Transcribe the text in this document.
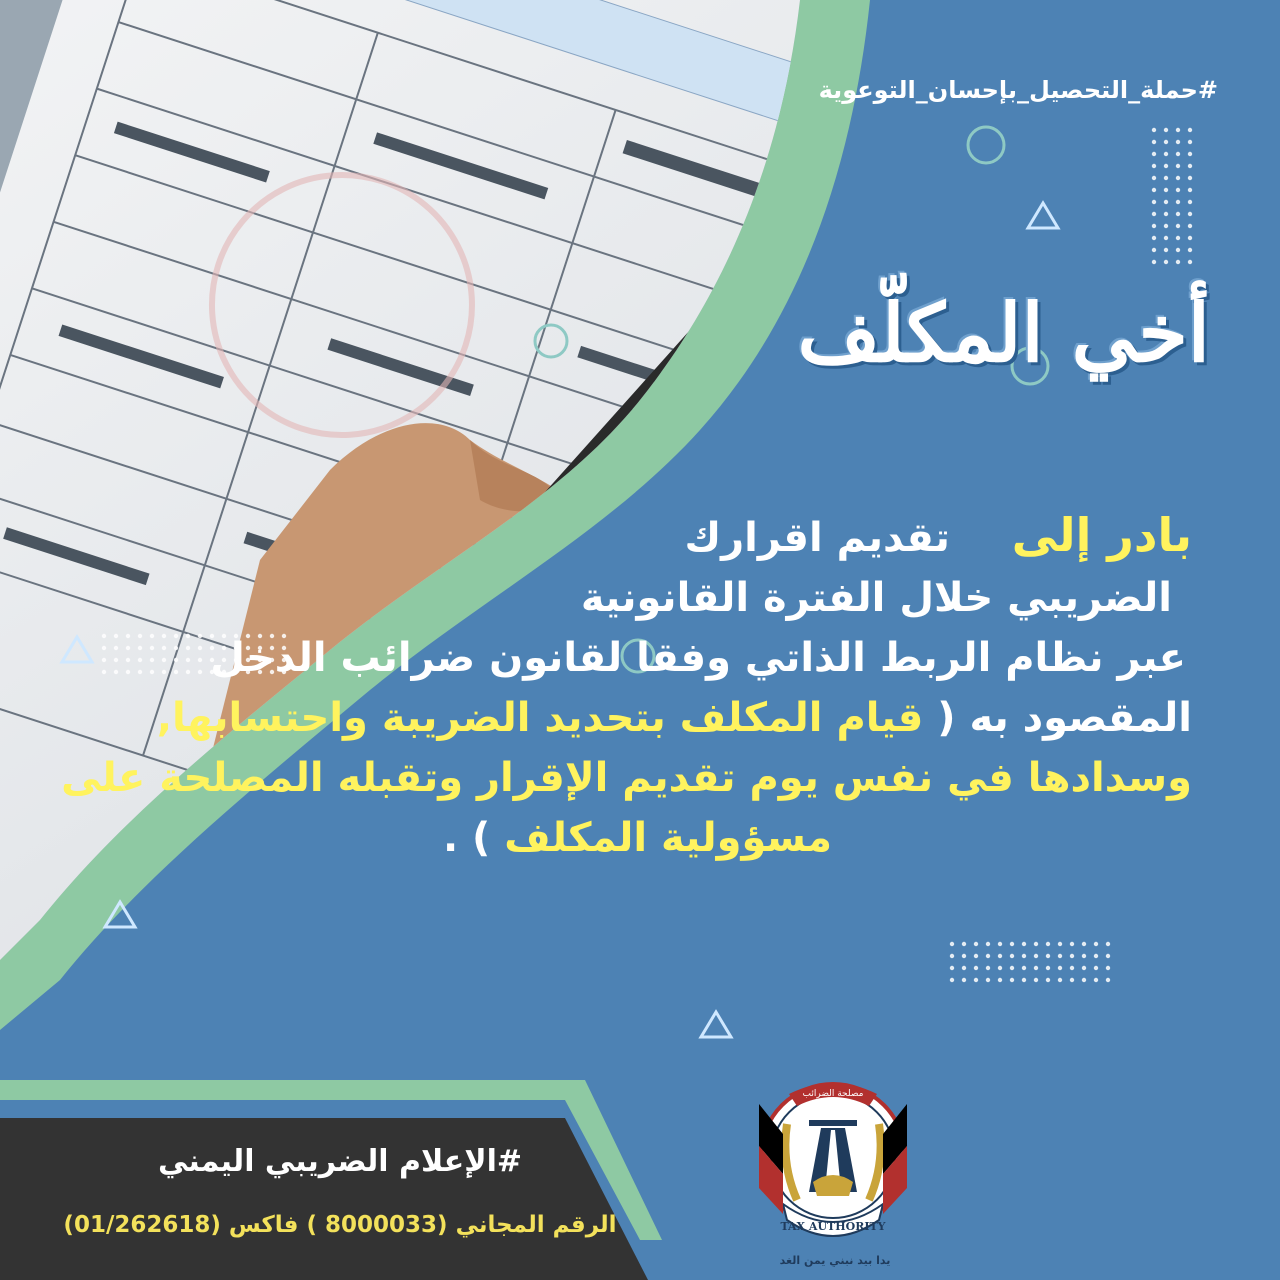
#حملة_التحصيل_بإحسان_التوعوية
أخي المكلّف
بادر إلى  تقديم اقرارك
الضريبي خلال الفترة القانونية
عبر نظام الربط الذاتي وفقا لقانون ضرائب الدخل
المقصود به ( قيام المكلف بتحديد الضريبة واحتسابها,
وسدادها في نفس يوم تقديم الإقرار وتقبله المصلحة على
مسؤولية المكلف ) .
#الإعلام الضريبي اليمني
الرقم المجاني (8000033 ) فاكس (01/262618)
مصلحة الضرائب
TAX AUTHORITY
يدا بيد نبني يمن الغد
